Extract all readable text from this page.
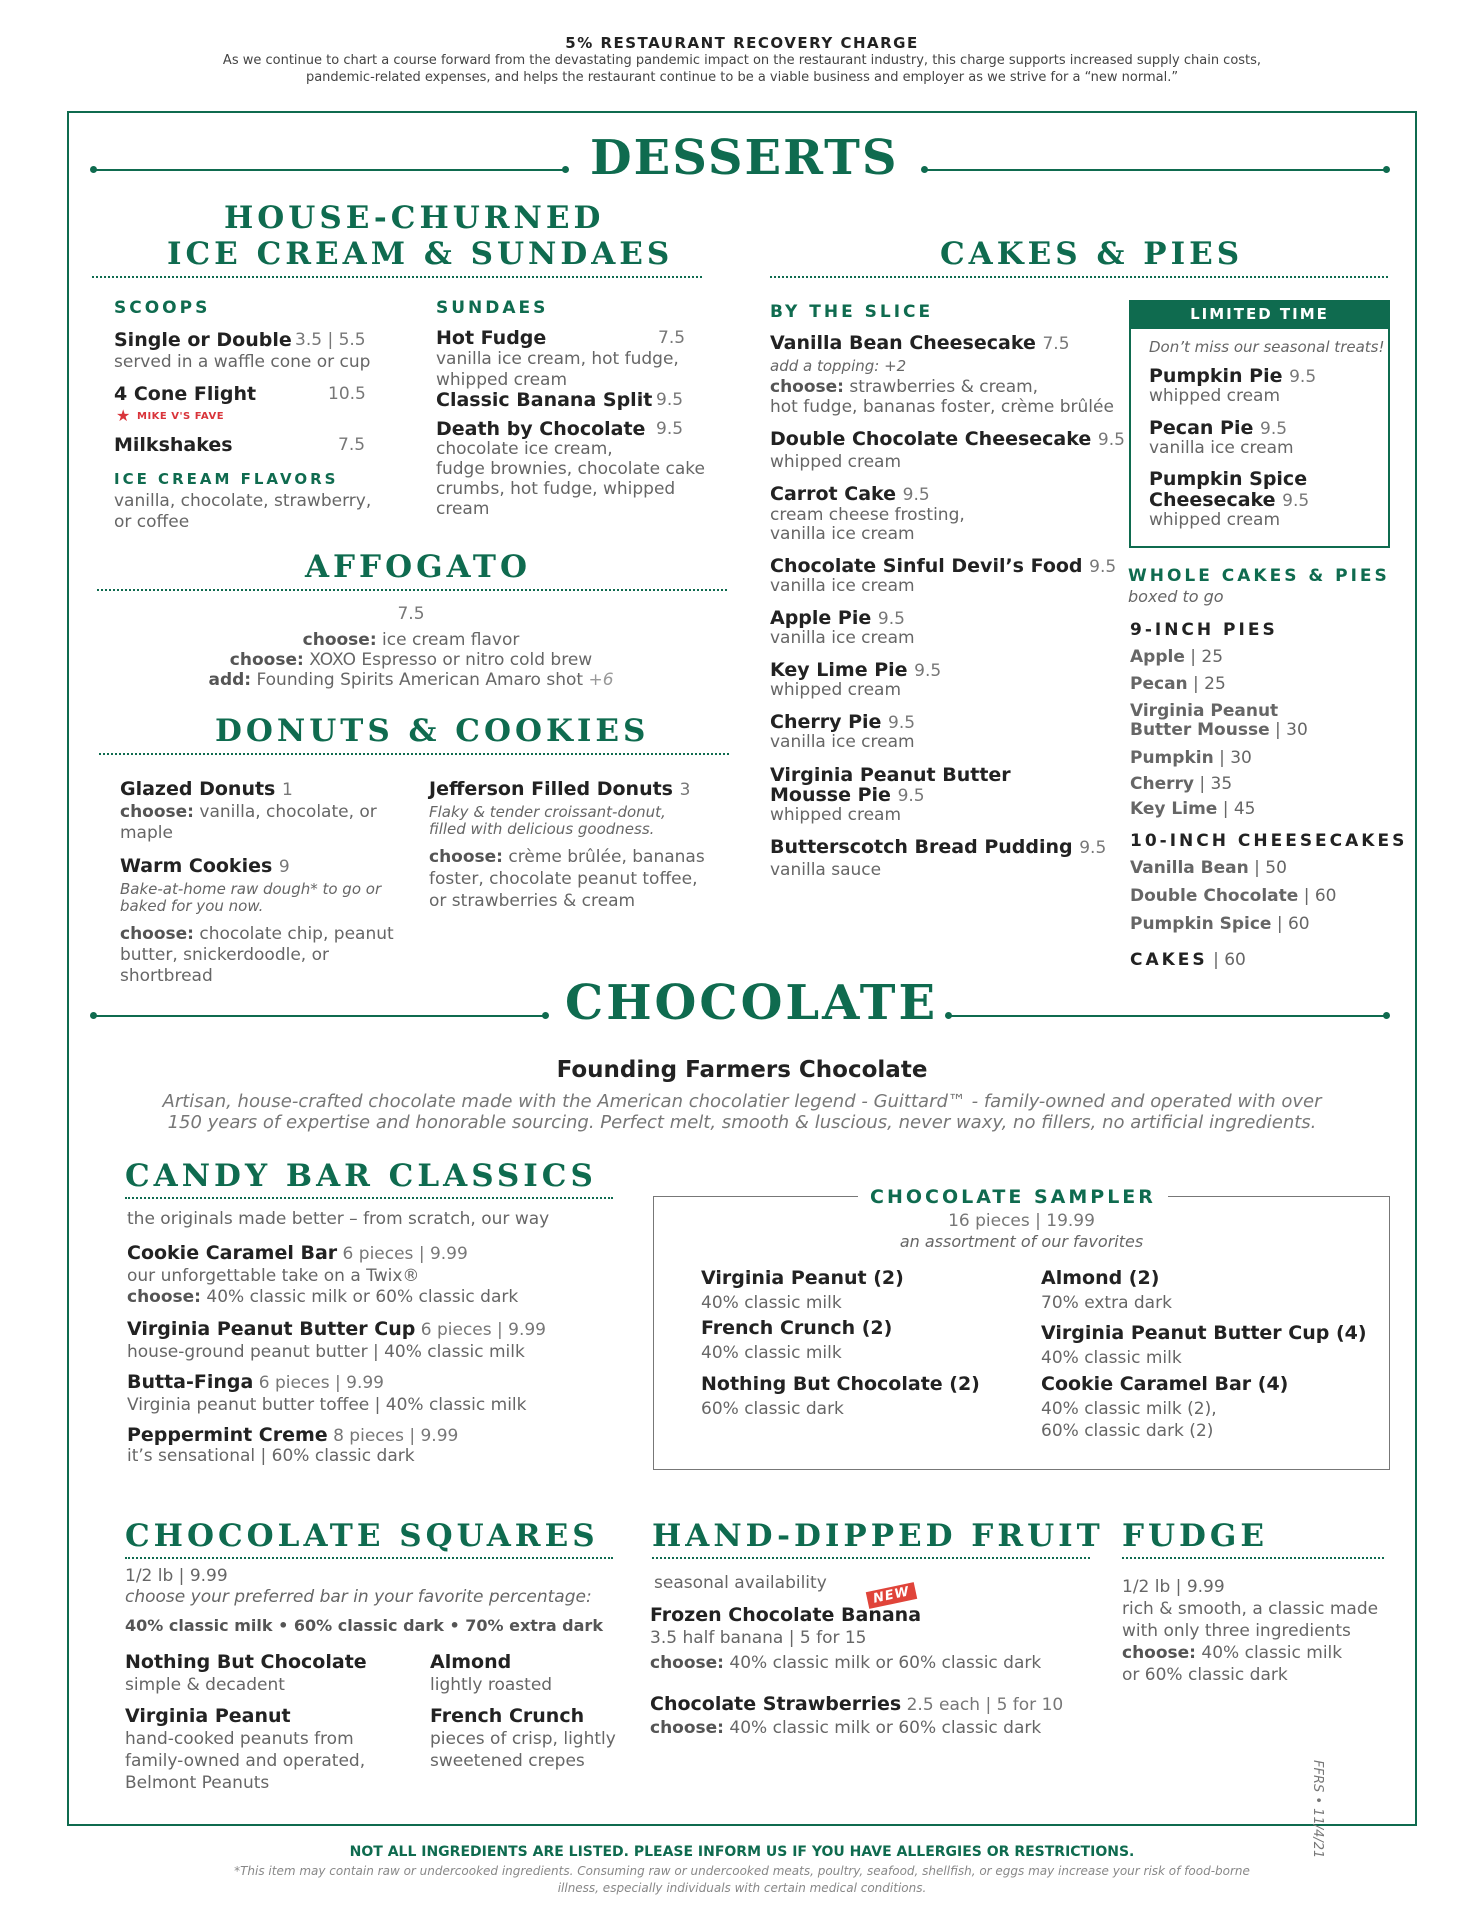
5% RESTAURANT RECOVERY CHARGE
As we continue to chart a course forward from the devastating pandemic impact on the restaurant industry, this charge supports increased supply chain costs,
pandemic-related expenses, and helps the restaurant continue to be a viable business and employer as we strive for a “new normal.”
DESSERTS
HOUSE-CHURNED
ICE CREAM & SUNDAES
SCOOPS
Single or Double 3.5 | 5.5
served in a waffle cone or cup
4 Cone Flight	10.5
★ MIKE V'S FAVE
Milkshakes	7.5
ICE CREAM FLAVORS
vanilla, chocolate, strawberry,
or coffee
SUNDAES
Hot Fudge	7.5
vanilla ice cream, hot fudge,
whipped cream
Classic Banana Split 9.5
Death by Chocolate 9.5
chocolate ice cream,
fudge brownies, chocolate cake
crumbs, hot fudge, whipped
cream
AFFOGATO
7.5
choose: ice cream flavor
choose: XOXO Espresso or nitro cold brew
add: Founding Spirits American Amaro shot +6
DONUTS & COOKIES
Glazed Donuts 1
choose: vanilla, chocolate, or
maple
Warm Cookies 9
Bake-at-home raw dough* to go or
baked for you now.
choose: chocolate chip, peanut
butter, snickerdoodle, or
shortbread
Jefferson Filled Donuts 3
Flaky & tender croissant-donut,
filled with delicious goodness.
choose: crème brûlée, bananas
foster, chocolate peanut toffee,
or strawberries & cream
CAKES & PIES
BY THE SLICE
Vanilla Bean Cheesecake 7.5
add a topping: +2
choose: strawberries & cream,
hot fudge, bananas foster, crème brûlée
Double Chocolate Cheesecake 9.5
whipped cream
Carrot Cake 9.5
cream cheese frosting,
vanilla ice cream
Chocolate Sinful Devil’s Food 9.5
vanilla ice cream
Apple Pie 9.5
vanilla ice cream
Key Lime Pie 9.5
whipped cream
Cherry Pie 9.5
vanilla ice cream
Virginia Peanut Butter
Mousse Pie 9.5
whipped cream
Butterscotch Bread Pudding 9.5
vanilla sauce
LIMITED TIME
Don’t miss our seasonal treats!
Pumpkin Pie 9.5
whipped cream
Pecan Pie 9.5
vanilla ice cream
Pumpkin Spice
Cheesecake 9.5
whipped cream
WHOLE CAKES & PIES
boxed to go
9-INCH PIES
Apple | 25
Pecan | 25
Virginia Peanut
Butter Mousse | 30
Pumpkin | 30
Cherry | 35
Key Lime | 45
10-INCH CHEESECAKES
Vanilla Bean | 50
Double Chocolate | 60
Pumpkin Spice | 60
CAKES | 60
CHOCOLATE
Founding Farmers Chocolate
Artisan, house-crafted chocolate made with the American chocolatier legend - Guittard™ - family-owned and operated with over
150 years of expertise and honorable sourcing. Perfect melt, smooth & luscious, never waxy, no fillers, no artificial ingredients.
CANDY BAR CLASSICS
the originals made better – from scratch, our way
Cookie Caramel Bar 6 pieces | 9.99
our unforgettable take on a Twix®
choose: 40% classic milk or 60% classic dark
Virginia Peanut Butter Cup 6 pieces | 9.99
house-ground peanut butter | 40% classic milk
Butta-Finga 6 pieces | 9.99
Virginia peanut butter toffee | 40% classic milk
Peppermint Creme 8 pieces | 9.99
it’s sensational | 60% classic dark
CHOCOLATE SAMPLER
16 pieces | 19.99
an assortment of our favorites
Virginia Peanut (2)
40% classic milk
French Crunch (2)
40% classic milk
Nothing But Chocolate (2)
60% classic dark
Almond (2)
70% extra dark
Virginia Peanut Butter Cup (4)
40% classic milk
Cookie Caramel Bar (4)
40% classic milk (2),
60% classic dark (2)
CHOCOLATE SQUARES
1/2 lb | 9.99
choose your preferred bar in your favorite percentage:
40% classic milk • 60% classic dark • 70% extra dark
Nothing But Chocolate
simple & decadent
Virginia Peanut
hand-cooked peanuts from
family-owned and operated,
Belmont Peanuts
Almond
lightly roasted
French Crunch
pieces of crisp, lightly
sweetened crepes
HAND-DIPPED FRUIT
seasonal availability
NEW
Frozen Chocolate Banana
3.5 half banana | 5 for 15
choose: 40% classic milk or 60% classic dark
Chocolate Strawberries 2.5 each | 5 for 10
choose: 40% classic milk or 60% classic dark
FUDGE
1/2 lb | 9.99
rich & smooth, a classic made
with only three ingredients
choose: 40% classic milk
or 60% classic dark
FFRS • 11/4/21
NOT ALL INGREDIENTS ARE LISTED. PLEASE INFORM US IF YOU HAVE ALLERGIES OR RESTRICTIONS.
*This item may contain raw or undercooked ingredients. Consuming raw or undercooked meats, poultry, seafood, shellfish, or eggs may increase your risk of food-borne
illness, especially individuals with certain medical conditions.
